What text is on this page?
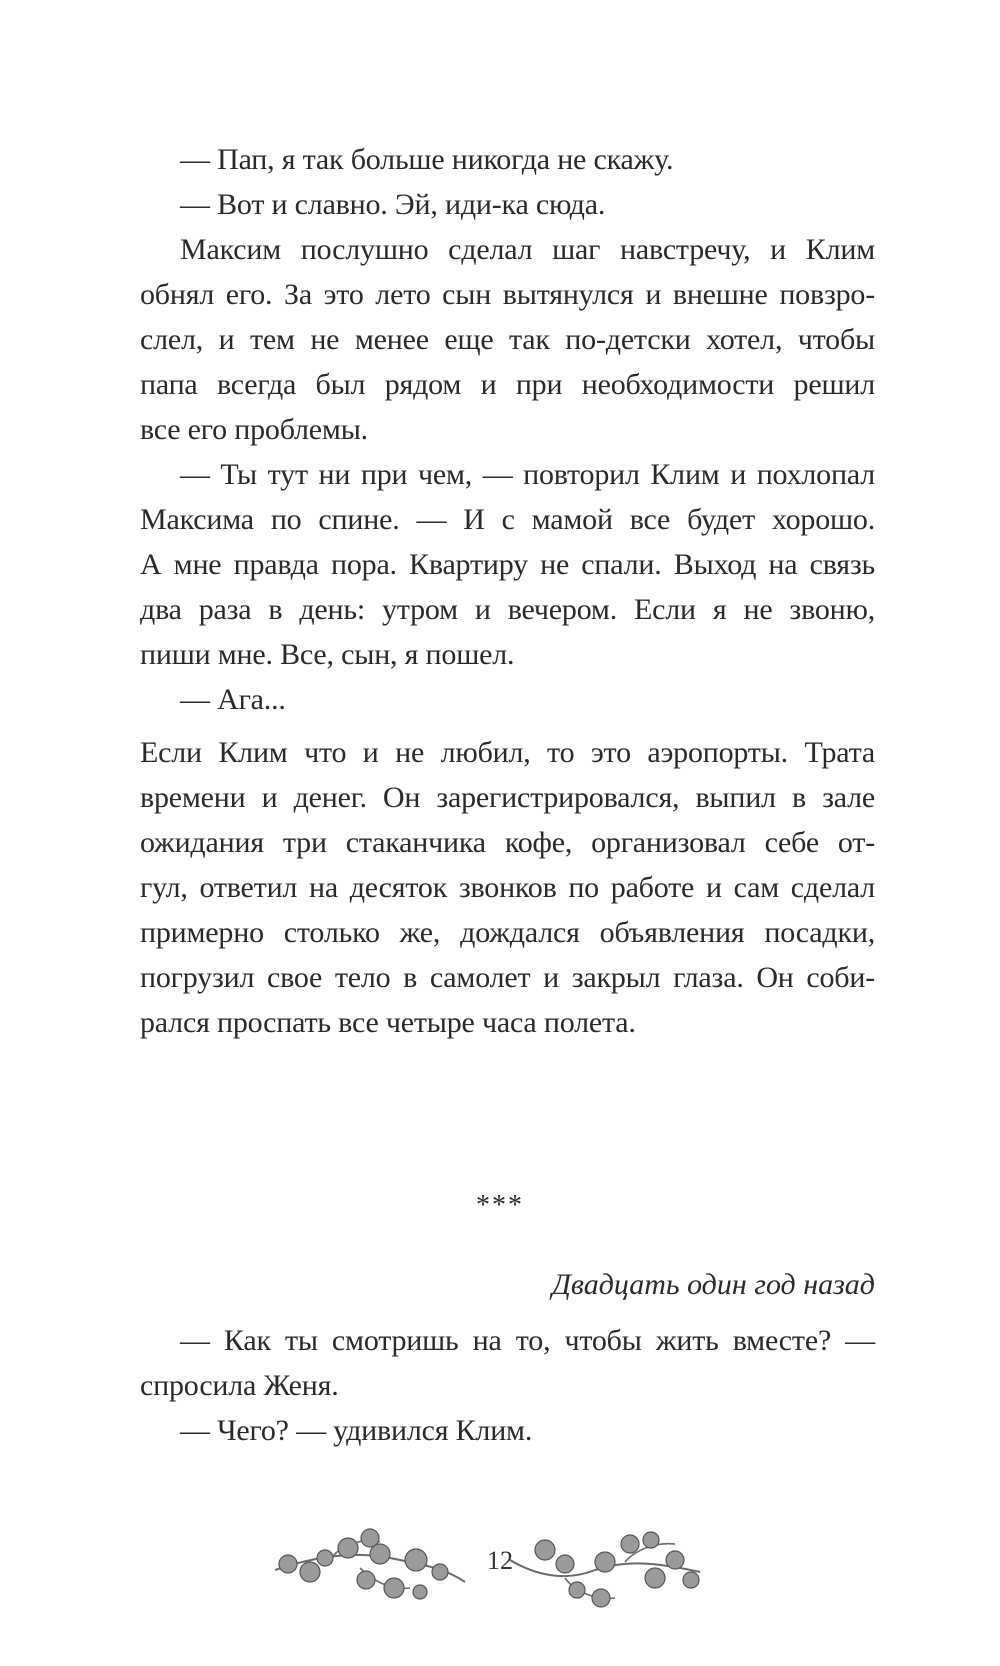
— Пап, я так больше никогда не скажу.
— Вот и славно. Эй, иди-ка сюда.
Максим послушно сделал шаг навстречу, и Клим
обнял его. За это лето сын вытянулся и внешне повзро-
слел, и тем не менее еще так по-детски хотел, чтобы
папа всегда был рядом и при необходимости решил
все его проблемы.
— Ты тут ни при чем, — повторил Клим и похлопал
Максима по спине. — И с мамой все будет хорошо.
А мне правда пора. Квартиру не спали. Выход на связь
два раза в день: утром и вечером. Если я не звоню,
пиши мне. Все, сын, я пошел.
— Ага...
Если Клим что и не любил, то это аэропорты. Трата
времени и денег. Он зарегистрировался, выпил в зале
ожидания три стаканчика кофе, организовал себе от-
гул, ответил на десяток звонков по работе и сам сделал
примерно столько же, дождался объявления посадки,
погрузил свое тело в самолет и закрыл глаза. Он соби-
рался проспать все четыре часа полета.
***
Двадцать один год назад
— Как ты смотришь на то, чтобы жить вместе? —
спросила Женя.
— Чего? — удивился Клим.
12
